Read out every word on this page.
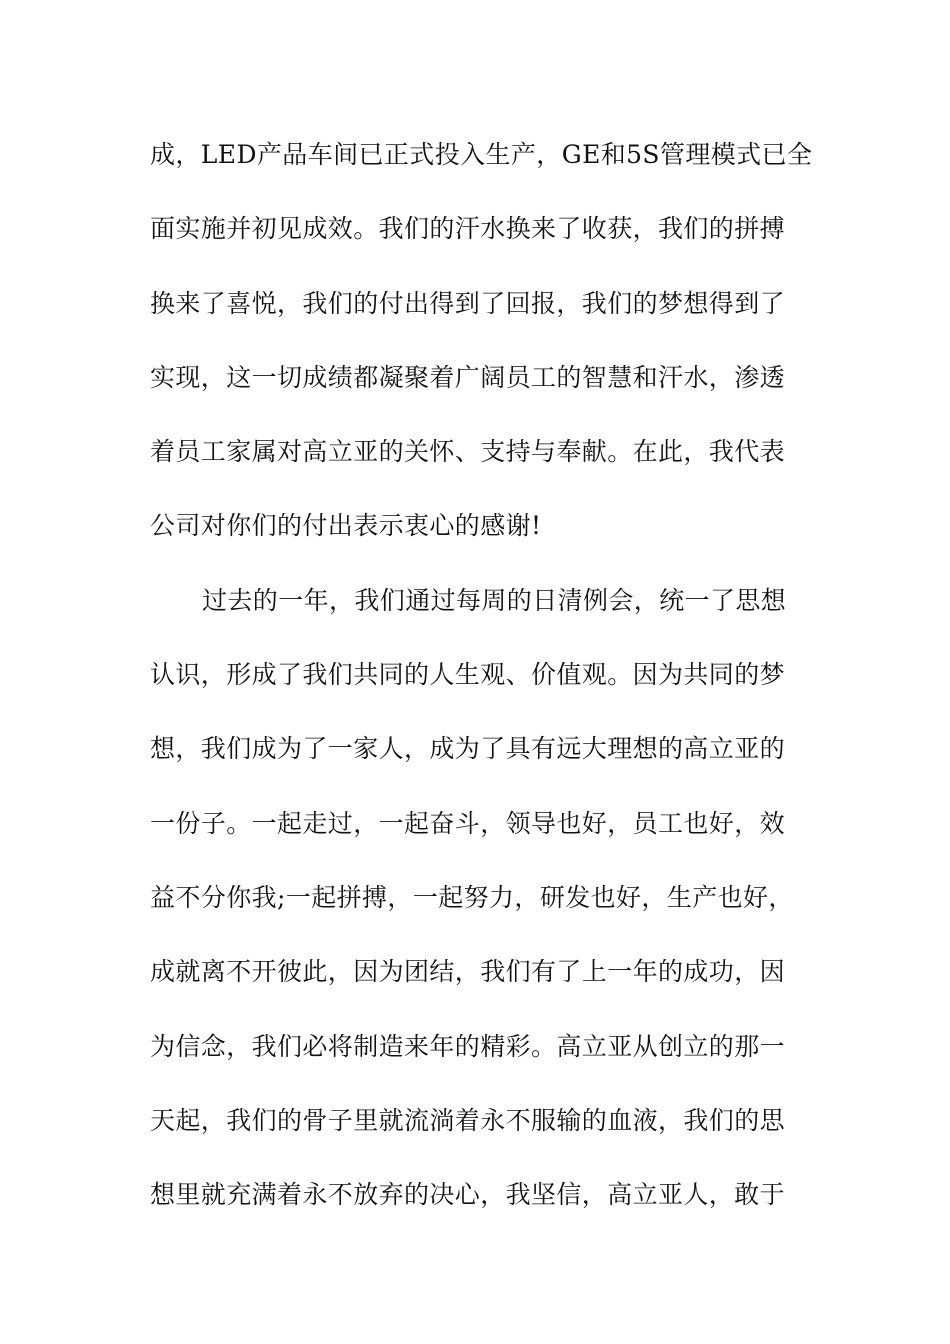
成，LED产品车间已正式投入生产，GE和5S管理模式已全
面实施并初见成效。我们的汗水换来了收获，我们的拼搏
换来了喜悦，我们的付出得到了回报，我们的梦想得到了
实现，这一切成绩都凝聚着广阔员工的智慧和汗水，渗透
着员工家属对高立亚的关怀、支持与奉献。在此，我代表
公司对你们的付出表示衷心的感谢!
过去的一年，我们通过每周的日清例会，统一了思想
认识，形成了我们共同的人生观、价值观。因为共同的梦
想，我们成为了一家人，成为了具有远大理想的高立亚的
一份子。一起走过，一起奋斗，领导也好，员工也好，效
益不分你我;一起拼搏，一起努力，研发也好，生产也好，
成就离不开彼此，因为团结，我们有了上一年的成功，因
为信念，我们必将制造来年的精彩。高立亚从创立的那一
天起，我们的骨子里就流淌着永不服输的血液，我们的思
想里就充满着永不放弃的决心，我坚信，高立亚人，敢于
